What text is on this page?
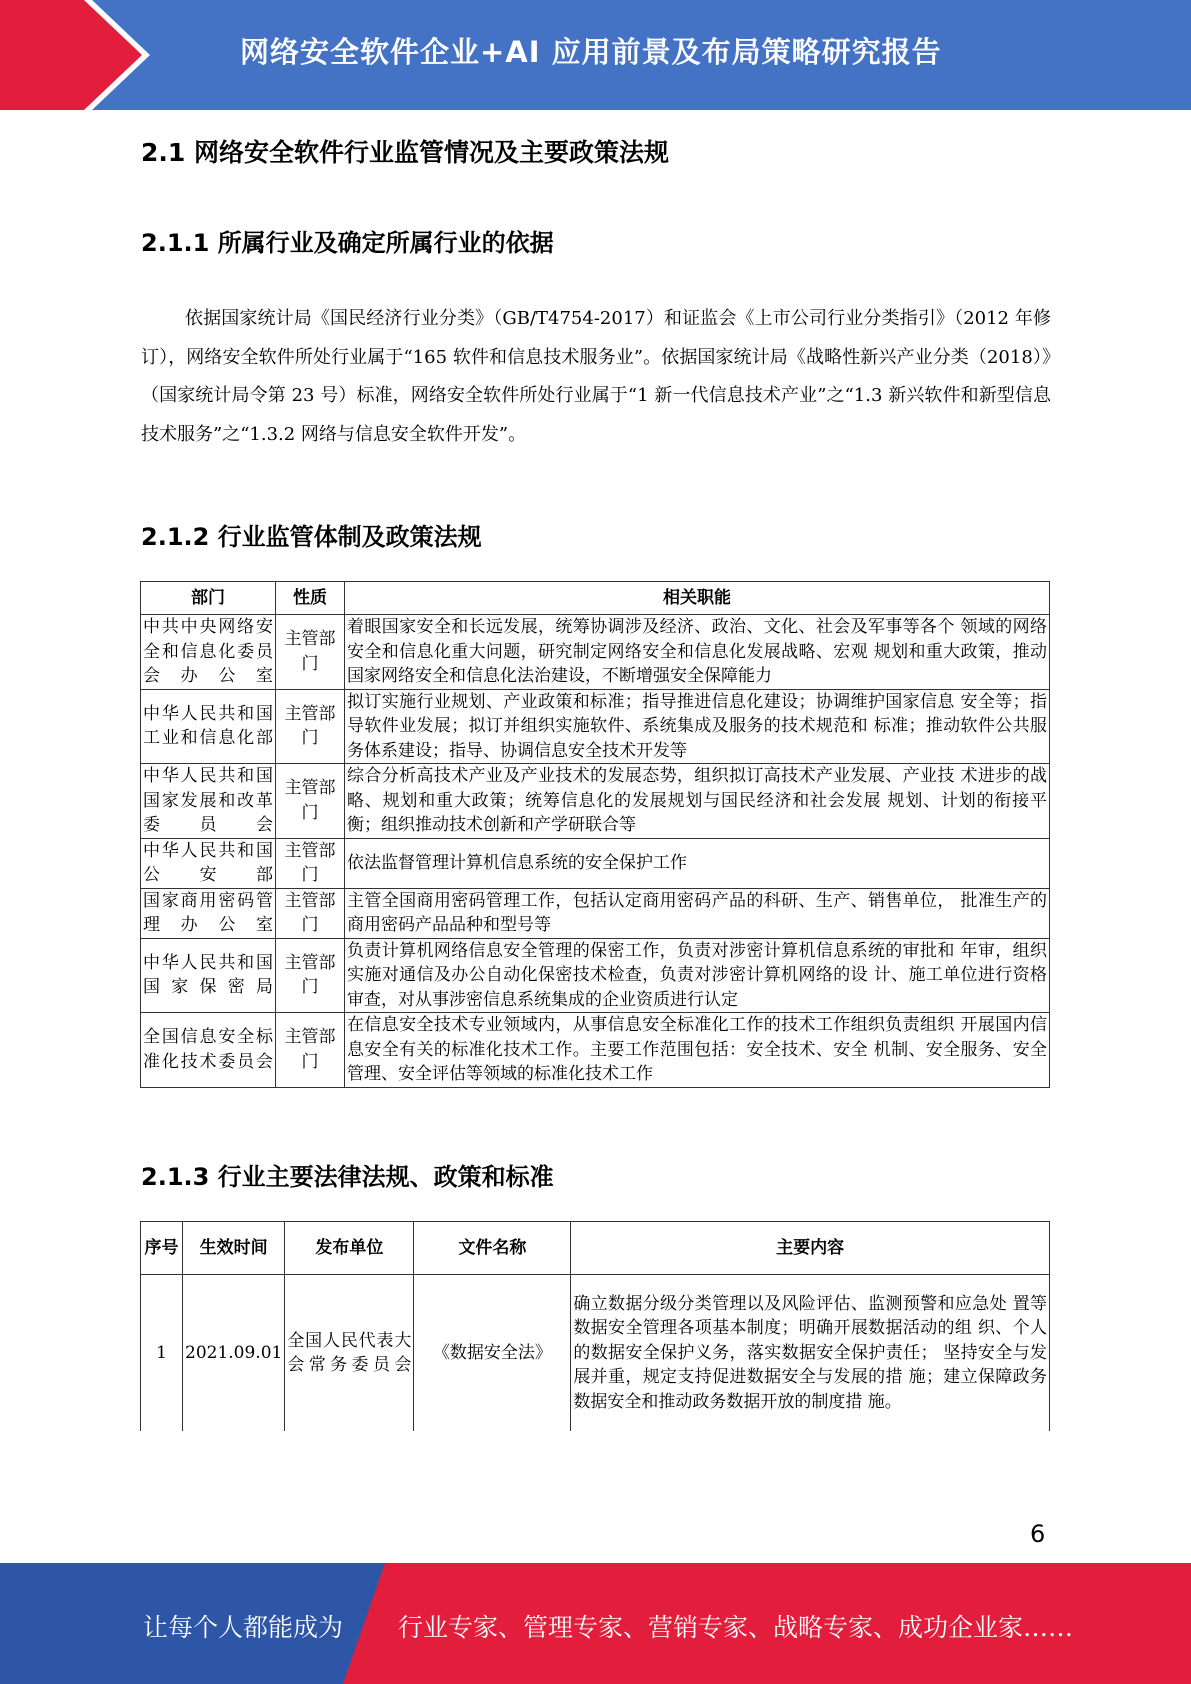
网络安全软件企业+AI 应用前景及布局策略研究报告
2.1 网络安全软件行业监管情况及主要政策法规
2.1.1 所属行业及确定所属行业的依据

依据国家统计局《国民经济行业分类》（GB/T4754-2017）和证监会《上市公司行业分类指引》（2012 年修订），网络安全软件所处行业属于“165 软件和信息技术服务业”。依据国家统计局《战略性新兴产业分类（2018）》（国家统计局令第 23 号）标准，网络安全软件所处行业属于“1 新一代信息技术产业”之“1.3 新兴软件和新型信息技术服务”之“1.3.2 网络与信息安全软件开发”。

2.1.2 行业监管体制及政策法规
部门	性质	相关职能
中共中央网络安全和信息化委员会办公室	主管部门	着眼国家安全和长远发展，统筹协调涉及经济、政治、文化、社会及军事等各个 领域的网络安全和信息化重大问题，研究制定网络安全和信息化发展战略、宏观 规划和重大政策，推动国家网络安全和信息化法治建设，不断增强安全保障能力
中华人民共和国工业和信息化部	主管部门	拟订实施行业规划、产业政策和标准；指导推进信息化建设；协调维护国家信息 安全等；指导软件业发展；拟订并组织实施软件、系统集成及服务的技术规范和 标准；推动软件公共服务体系建设；指导、协调信息安全技术开发等
中华人民共和国国家发展和改革委员会	主管部门	综合分析高技术产业及产业技术的发展态势，组织拟订高技术产业发展、产业技 术进步的战略、规划和重大政策；统筹信息化的发展规划与国民经济和社会发展 规划、计划的衔接平衡；组织推动技术创新和产学研联合等
中华人民共和国公安部	主管部门	依法监督管理计算机信息系统的安全保护工作
国家商用密码管理办公室	主管部门	主管全国商用密码管理工作，包括认定商用密码产品的科研、生产、销售单位， 批准生产的商用密码产品品种和型号等
中华人民共和国国家保密局	主管部门	负责计算机网络信息安全管理的保密工作，负责对涉密计算机信息系统的审批和 年审，组织实施对通信及办公自动化保密技术检查，负责对涉密计算机网络的设 计、施工单位进行资格审查，对从事涉密信息系统集成的企业资质进行认定
全国信息安全标准化技术委员会	主管部门	在信息安全技术专业领域内，从事信息安全标准化工作的技术工作组织负责组织 开展国内信息安全有关的标准化技术工作。主要工作范围包括：安全技术、安全 机制、安全服务、安全管理、安全评估等领域的标准化技术工作
2.1.3 行业主要法律法规、政策和标准
序号	生效时间	发布单位	文件名称	主要内容
1	2021.09.01	全国人民代表大会常务委员会	《数据安全法》	确立数据分级分类管理以及风险评估、监测预警和应急处 置等数据安全管理各项基本制度；明确开展数据活动的组 织、个人的数据安全保护义务，落实数据安全保护责任； 坚持安全与发展并重，规定支持促进数据安全与发展的措 施；建立保障政务数据安全和推动政务数据开放的制度措 施。
6
让每个人都能成为 行业专家、管理专家、营销专家、战略专家、成功企业家……
